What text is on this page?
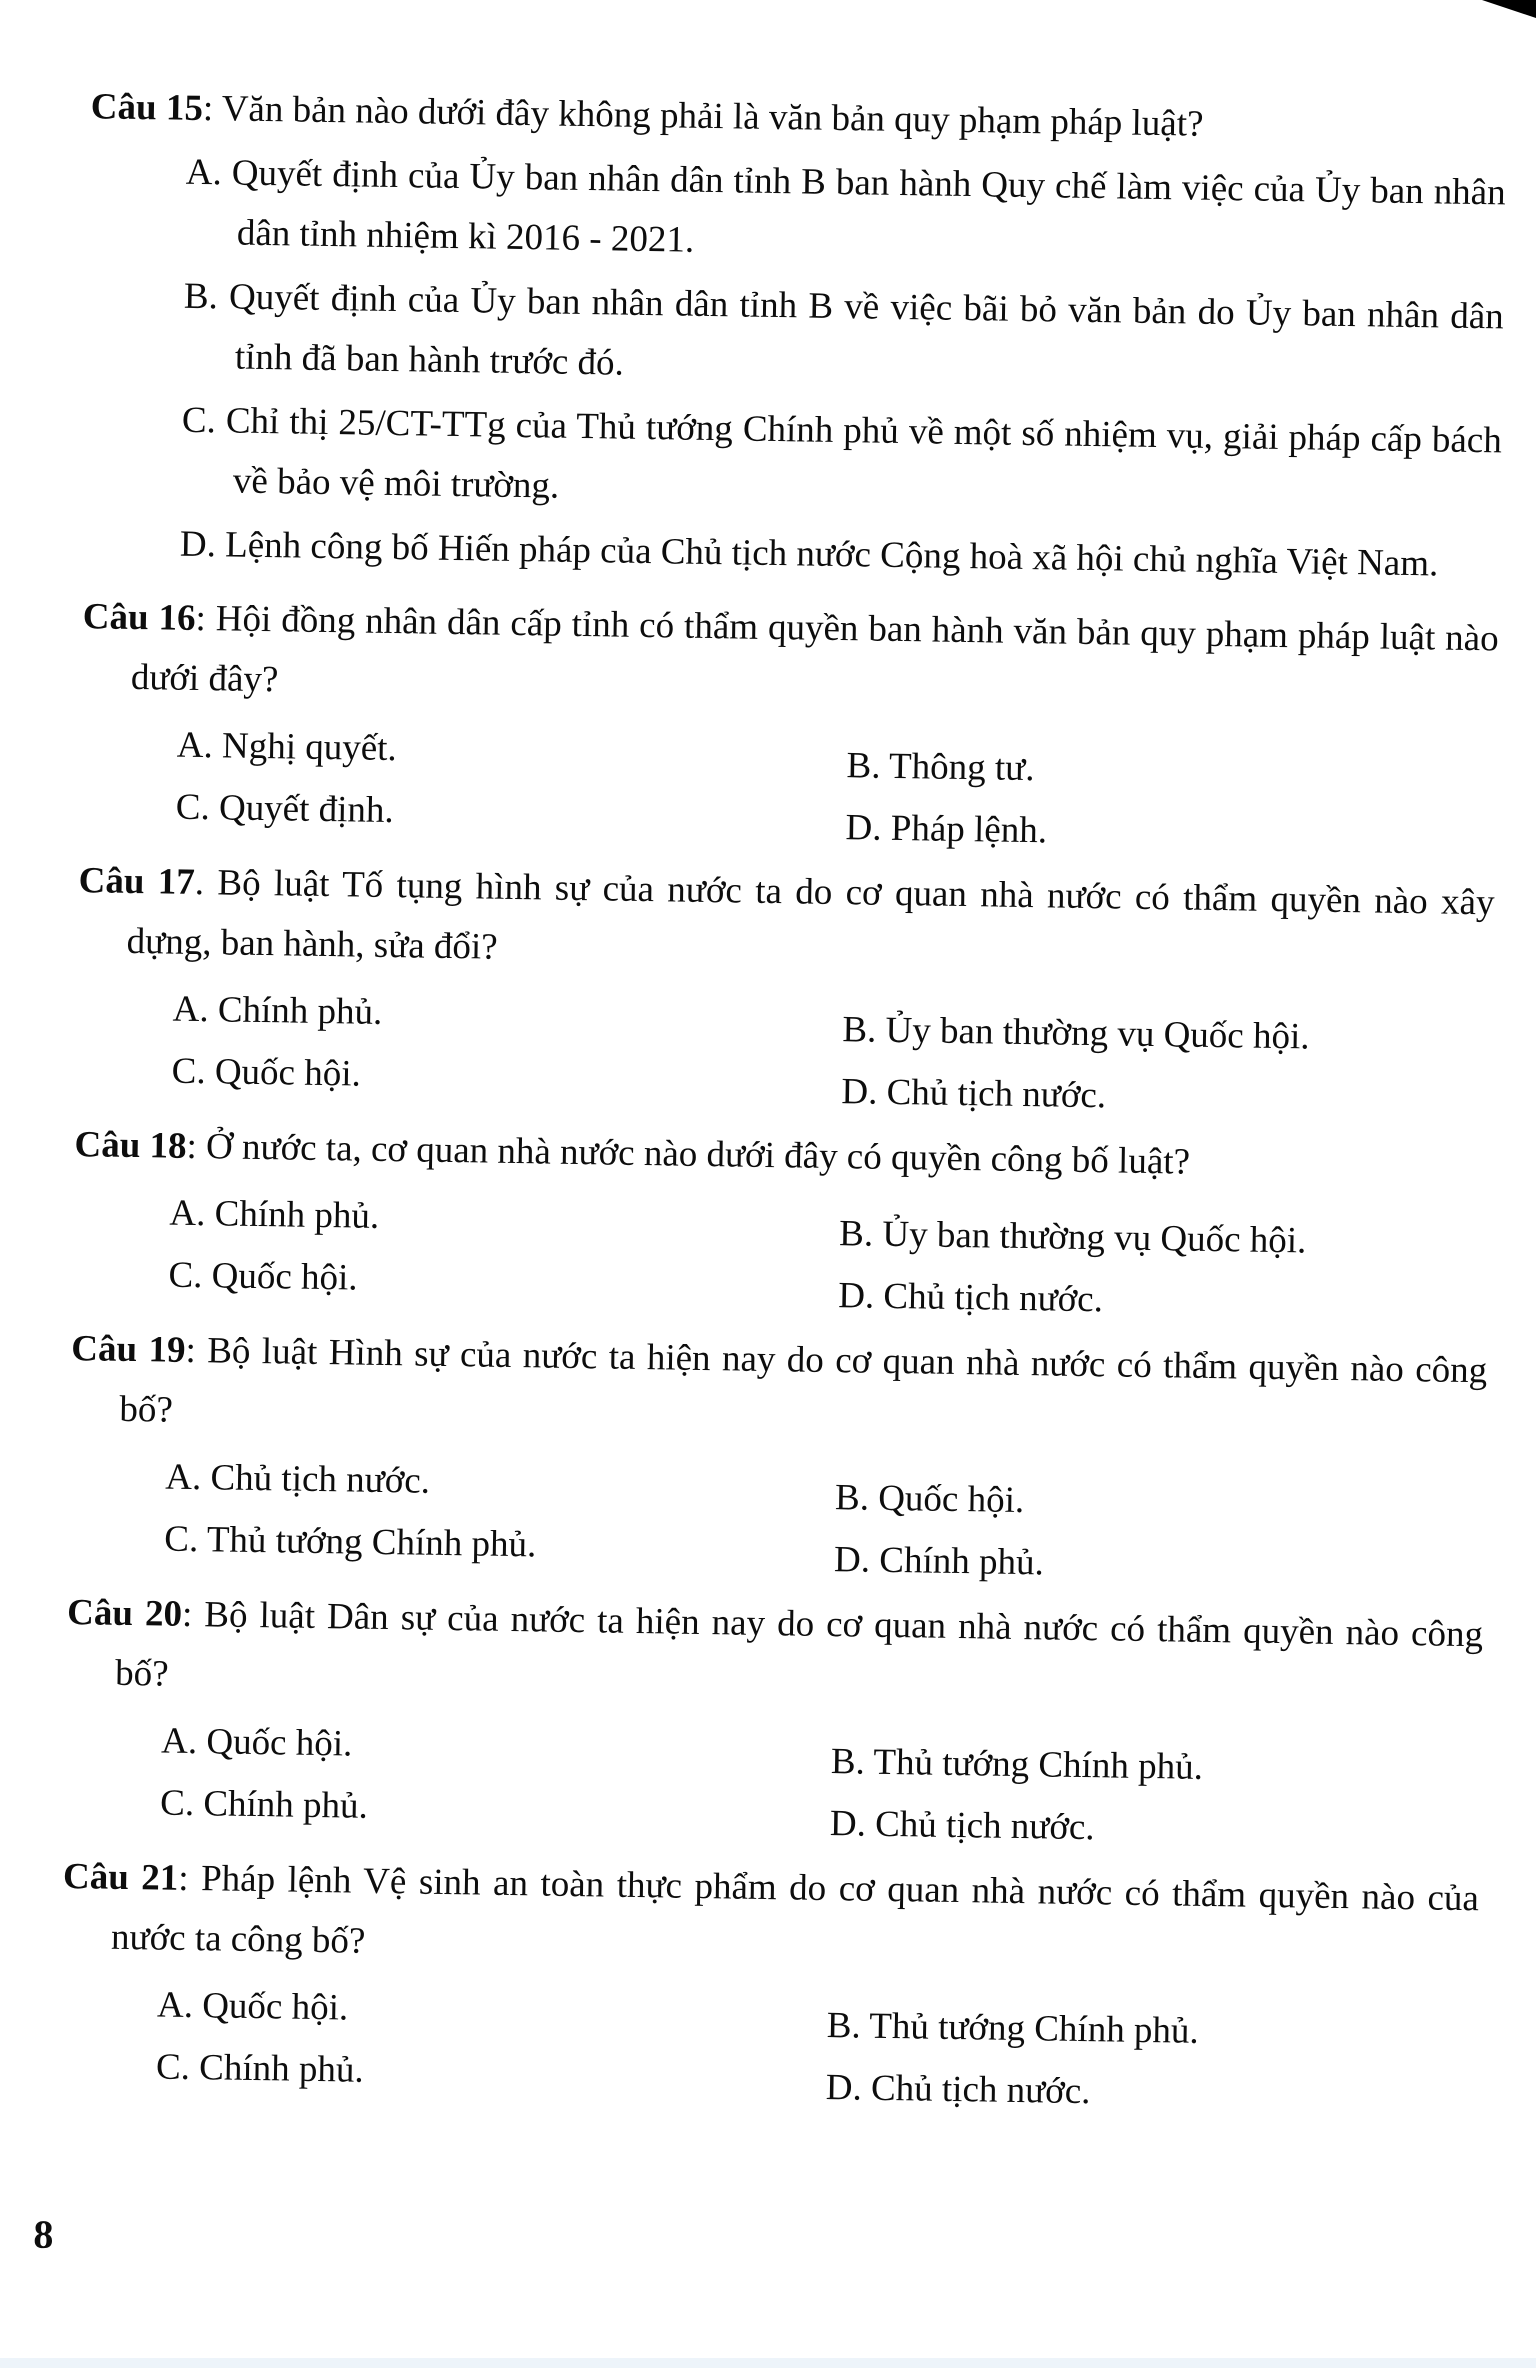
Câu 15: Văn bản nào dưới đây không phải là văn bản quy phạm pháp luật?

A. Quyết định của Ủy ban nhân dân tỉnh B ban hành Quy chế làm việc của Ủy ban nhân dân tỉnh nhiệm kì 2016 - 2021.

B. Quyết định của Ủy ban nhân dân tỉnh B về việc bãi bỏ văn bản do Ủy ban nhân dân tỉnh đã ban hành trước đó.

C. Chỉ thị 25/CT-TTg của Thủ tướng Chính phủ về một số nhiệm vụ, giải pháp cấp bách về bảo vệ môi trường.

D. Lệnh công bố Hiến pháp của Chủ tịch nước Cộng hoà xã hội chủ nghĩa Việt Nam.

Câu 16: Hội đồng nhân dân cấp tỉnh có thẩm quyền ban hành văn bản quy phạm pháp luật nào dưới đây?

A. Nghị quyết.	B. Thông tư.

C. Quyết định.	D. Pháp lệnh.

Câu 17. Bộ luật Tố tụng hình sự của nước ta do cơ quan nhà nước có thẩm quyền nào xây dựng, ban hành, sửa đổi?

A. Chính phủ.	B. Ủy ban thường vụ Quốc hội.

C. Quốc hội.	D. Chủ tịch nước.

Câu 18: Ở nước ta, cơ quan nhà nước nào dưới đây có quyền công bố luật?

A. Chính phủ.	B. Ủy ban thường vụ Quốc hội.

C. Quốc hội.	D. Chủ tịch nước.

Câu 19: Bộ luật Hình sự của nước ta hiện nay do cơ quan nhà nước có thẩm quyền nào công bố?

A. Chủ tịch nước.	B. Quốc hội.

C. Thủ tướng Chính phủ.	D. Chính phủ.

Câu 20: Bộ luật Dân sự của nước ta hiện nay do cơ quan nhà nước có thẩm quyền nào công bố?

A. Quốc hội.	B. Thủ tướng Chính phủ.

C. Chính phủ.	D. Chủ tịch nước.

Câu 21: Pháp lệnh Vệ sinh an toàn thực phẩm do cơ quan nhà nước có thẩm quyền nào của nước ta công bố?

A. Quốc hội.	B. Thủ tướng Chính phủ.

C. Chính phủ.	D. Chủ tịch nước.

8
